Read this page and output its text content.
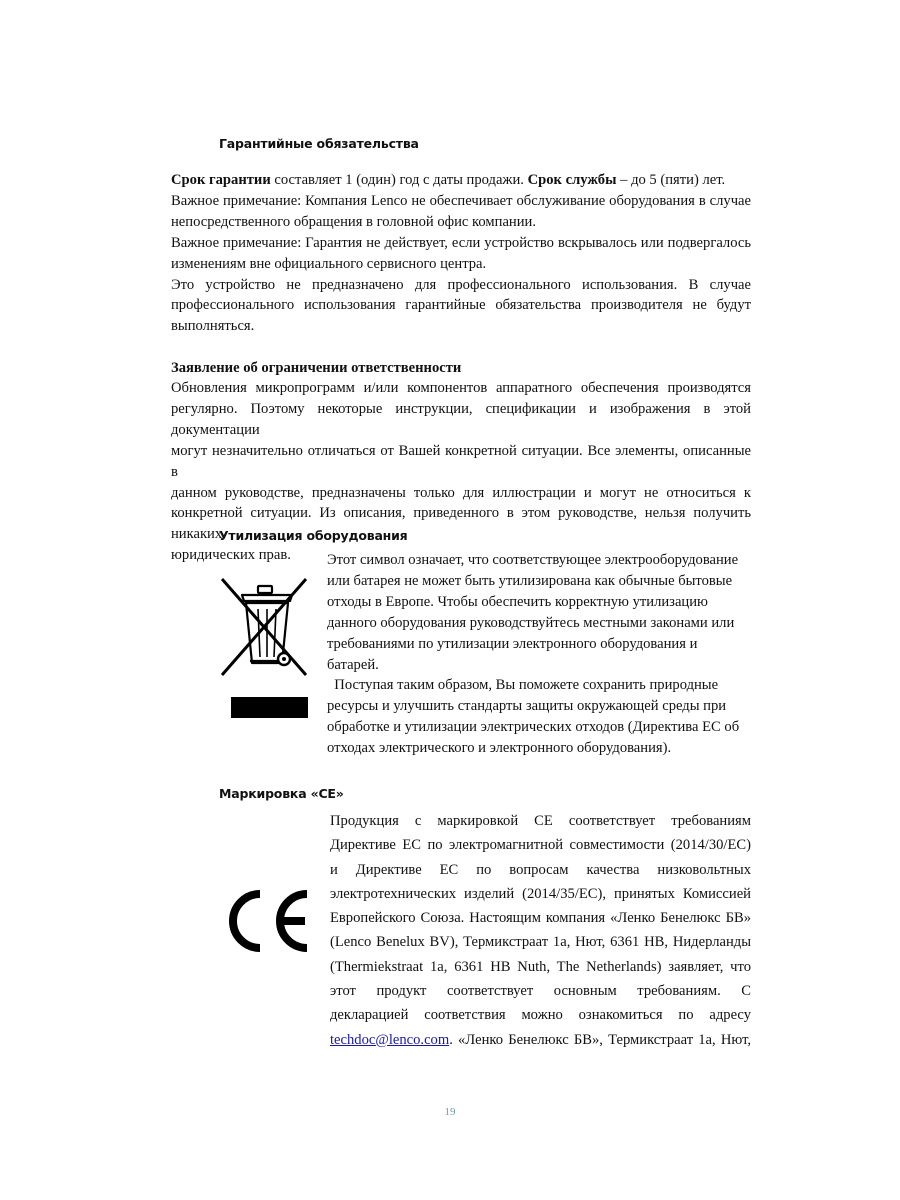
Гарантийные обязательства
Срок гарантии составляет 1 (один) год с даты продажи. Срок службы – до 5 (пяти) лет.
Важное примечание: Компания Lenco не обеспечивает обслуживание оборудования в случае
непосредственного обращения в головной офис компании.
Важное примечание: Гарантия не действует, если устройство вскрывалось или подвергалось
изменениям вне официального сервисного центра.
Это устройство не предназначено для профессионального использования. В случае
профессионального использования гарантийные обязательства производителя не будут
выполняться.
Заявление об ограничении ответственности
Обновления микропрограмм и/или компонентов аппаратного обеспечения производятся
регулярно. Поэтому некоторые инструкции, спецификации и изображения в этой документации
могут незначительно отличаться от Вашей конкретной ситуации. Все элементы, описанные в
данном руководстве, предназначены только для иллюстрации и могут не относиться к
конкретной ситуации. Из описания, приведенного в этом руководстве, нельзя получить никаких
юридических прав.
Утилизация оборудования
Этот символ означает, что соответствующее электрооборудование
или батарея не может быть утилизирована как обычные бытовые
отходы в Европе. Чтобы обеспечить корректную утилизацию
данного оборудования руководствуйтесь местными законами или
требованиями по утилизации электронного оборудования и
батарей.
Поступая таким образом, Вы поможете сохранить природные
ресурсы и улучшить стандарты защиты окружающей среды при
обработке и утилизации электрических отходов (Директива ЕС об
отходах электрического и электронного оборудования).
Маркировка «CE»
Продукция с маркировкой CE соответствует требованиям
Директиве ЕС по электромагнитной совместимости (2014/30/EC)
и Директиве ЕС по вопросам качества низковольтных
электротехнических изделий (2014/35/EC), принятых Комиссией
Европейского Союза. Настоящим компания «Ленко Бенелюкс БВ»
(Lenco Benelux BV), Термикстраат 1a, Нют, 6361 HB, Нидерланды
(Thermiekstraat 1a, 6361 HB Nuth, The Netherlands) заявляет, что
этот продукт соответствует основным требованиям. С
декларацией соответствия можно ознакомиться по адресу
techdoc@lenco.com. «Ленко Бенелюкс БВ», Термикстраат 1a, Нют,
19
